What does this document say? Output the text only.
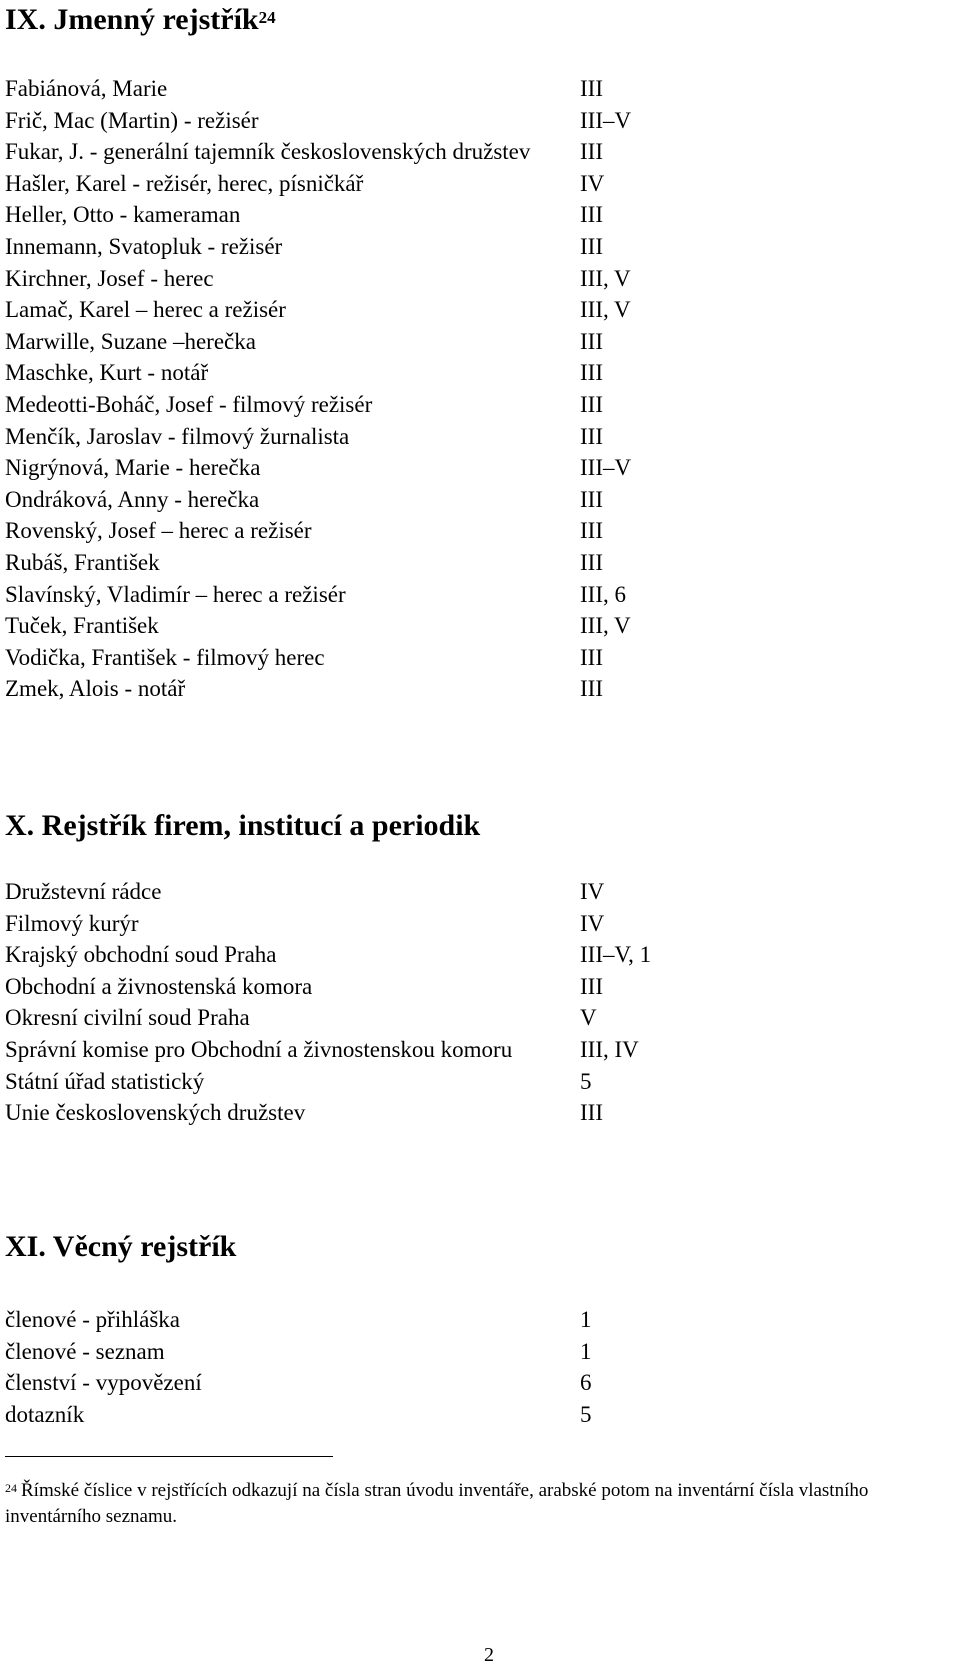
IX. Jmenný rejstřík$^{24}$
Fabiánová, Marie	III
Frič, Mac (Martin) - režisér	III–V
Fukar, J. - generální tajemník československých družstev III
Hašler, Karel - režisér, herec, písničkář	IV
Heller, Otto - kameraman	III
Innemann, Svatopluk - režisér	III
Kirchner, Josef - herec	III, V
Lamač, Karel – herec a režisér	III, V
Marwille, Suzane –herečka	III
Maschke, Kurt - notář	III
Medeotti-Boháč, Josef - filmový režisér	III
Menčík, Jaroslav - filmový žurnalista	III
Nigrýnová, Marie - herečka	III–V
Ondráková, Anny - herečka	III
Rovenský, Josef – herec a režisér	III
Rubáš, František	III
Slavínský, Vladimír – herec a režisér	III, 6
Tuček, František	III, V
Vodička, František - filmový herec	III
Zmek, Alois - notář	III
X. Rejstřík firem, institucí a periodik
Družstevní rádce	IV
Filmový kurýr	IV
Krajský obchodní soud Praha	III–V, 1
Obchodní a živnostenská komora	III
Okresní civilní soud Praha	V
Správní komise pro Obchodní a živnostenskou komoru	III, IV
Státní úřad statistický	5
Unie československých družstev	III
XI. Věcný rejstřík
členové - přihláška	1
členové - seznam	1
členství - vypovězení	6
dotazník	5
$^{24}$ Římské číslice v rejstřících odkazují na čísla stran úvodu inventáře, arabské potom na inventární čísla vlastního inventárního seznamu.
2
